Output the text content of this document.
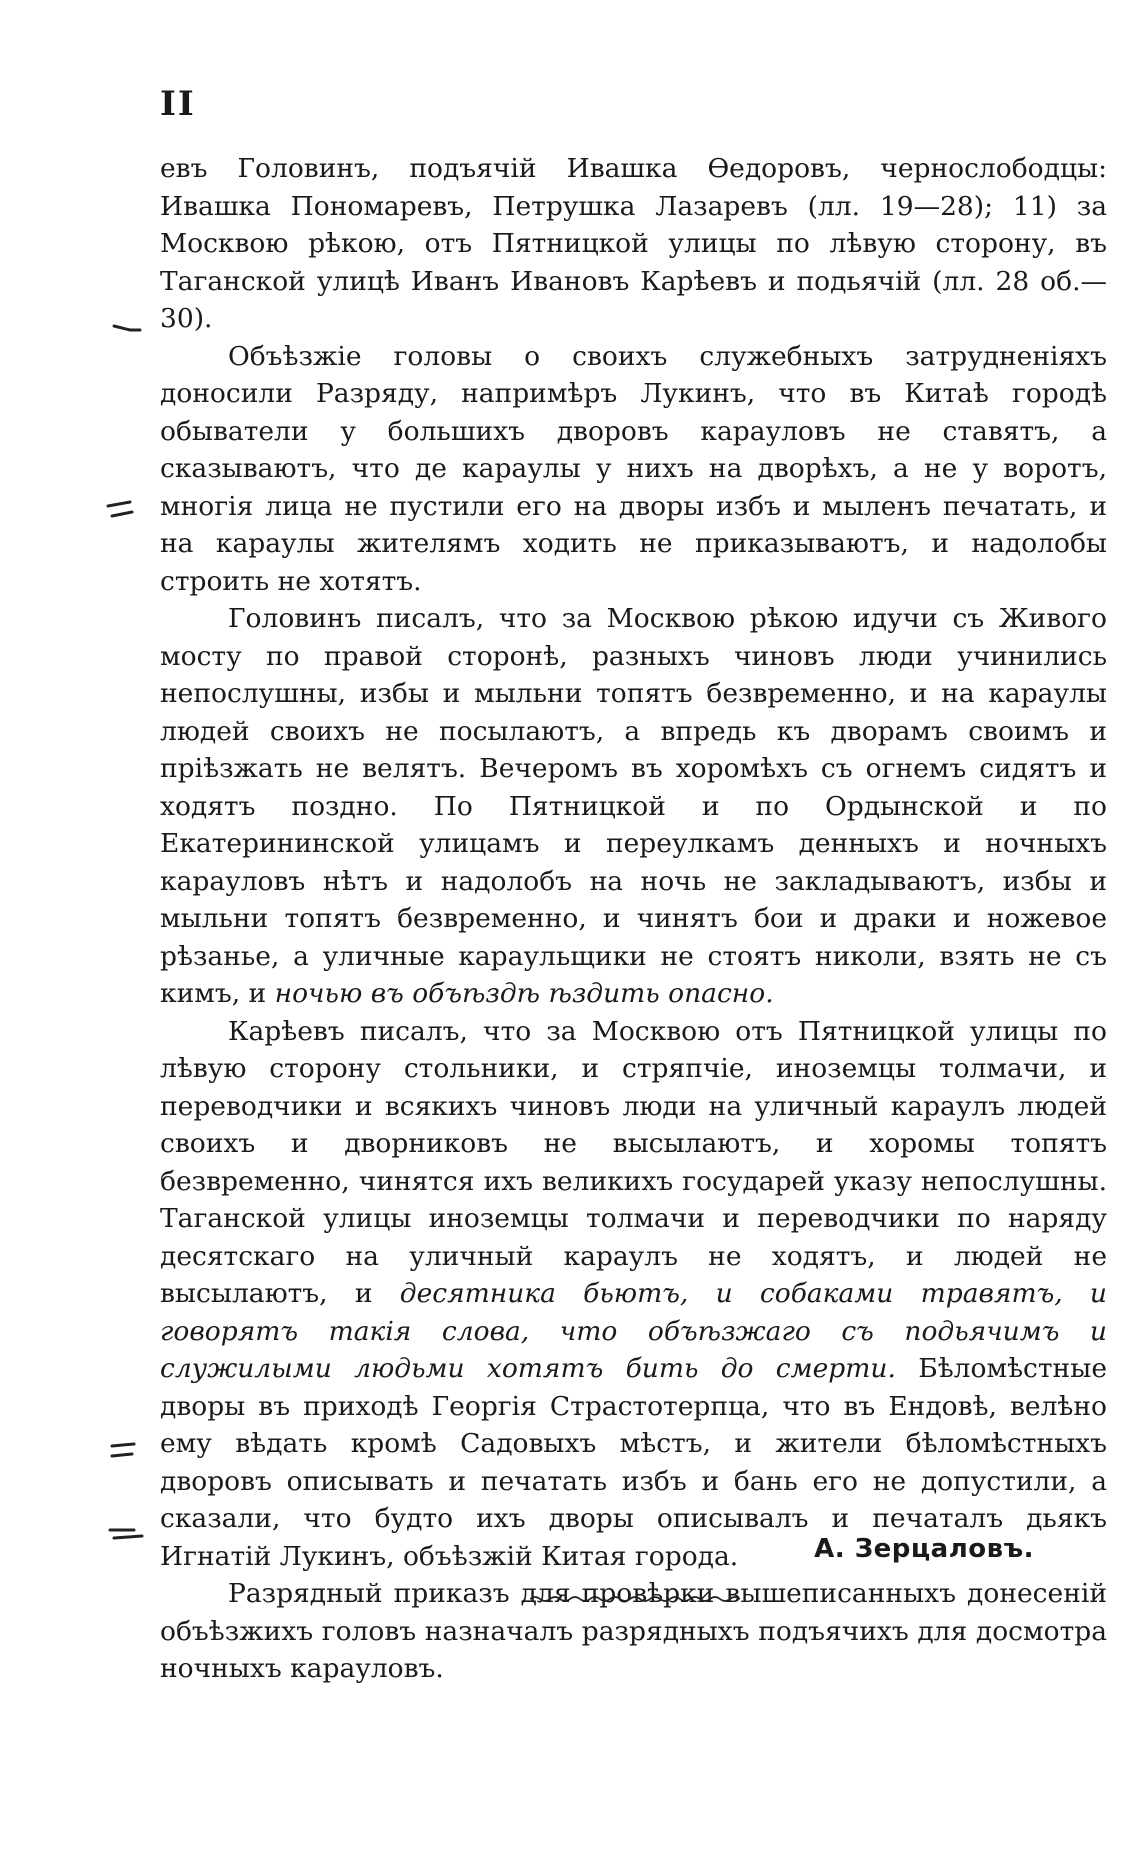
II

евъ Головинъ, подъячій Ивашка Өедоровъ, чернослободцы: Ивашка Пономаревъ, Петрушка Лазаревъ (лл. 19—28); 11) за Москвою рѣкою, отъ Пятницкой улицы по лѣвую сторону, въ Таганской улицѣ Иванъ Ивановъ Карѣевъ и подьячій (лл. 28 об.—30).

Объѣзжіе головы о своихъ служебныхъ затрудненіяхъ доносили Разряду, напримѣръ Лукинъ, что въ Китаѣ городѣ обыватели у большихъ дворовъ карауловъ не ставятъ, а сказываютъ, что де караулы у нихъ на дворѣхъ, а не у воротъ, многія лица не пустили его на дворы избъ и мыленъ печатать, и на караулы жителямъ ходить не приказываютъ, и надолобы строить не хотятъ.

Головинъ писалъ, что за Москвою рѣкою идучи съ Живого мосту по правой сторонѣ, разныхъ чиновъ люди учинились непослушны, избы и мыльни топятъ безвременно, и на караулы людей своихъ не посылаютъ, а впредь къ дворамъ своимъ и пріѣзжать не велятъ. Вечеромъ въ хоромѣхъ съ огнемъ сидятъ и ходятъ поздно. По Пятницкой и по Ордынской и по Екатерининской улицамъ и переулкамъ денныхъ и ночныхъ карауловъ нѣтъ и надолобъ на ночь не закладываютъ, избы и мыльни топятъ безвременно, и чинятъ бои и драки и ножевое рѣзанье, а уличные караульщики не стоятъ николи, взять не съ кимъ, и ночью въ объѣздѣ ѣздить опасно.

Карѣевъ писалъ, что за Москвою отъ Пятницкой улицы по лѣвую сторону стольники, и стряпчіе, иноземцы толмачи, и переводчики и всякихъ чиновъ люди на уличный караулъ людей своихъ и дворниковъ не высылаютъ, и хоромы топятъ безвременно, чинятся ихъ великихъ государей указу непослушны. Таганской улицы иноземцы толмачи и переводчики по наряду десятскаго на уличный караулъ не ходятъ, и людей не высылаютъ, и десятника бьютъ, и собаками травятъ, и говорятъ такія слова, что объѣзжаго съ подьячимъ и служилыми людьми хотятъ бить до смерти. Бѣломѣстные дворы въ приходѣ Георгія Страстотерпца, что въ Ендовѣ, велѣно ему вѣдать кромѣ Садовыхъ мѣстъ, и жители бѣломѣстныхъ дворовъ описывать и печатать избъ и бань его не допустили, а сказали, что будто ихъ дворы описывалъ и печаталъ дьякъ Игнатій Лукинъ, объѣзжій Китая города.

Разрядный приказъ для провѣрки вышеписанныхъ донесеній объѣзжихъ головъ назначалъ разрядныхъ подъячихъ для досмотра ночныхъ карауловъ.

А. Зерцаловъ.
